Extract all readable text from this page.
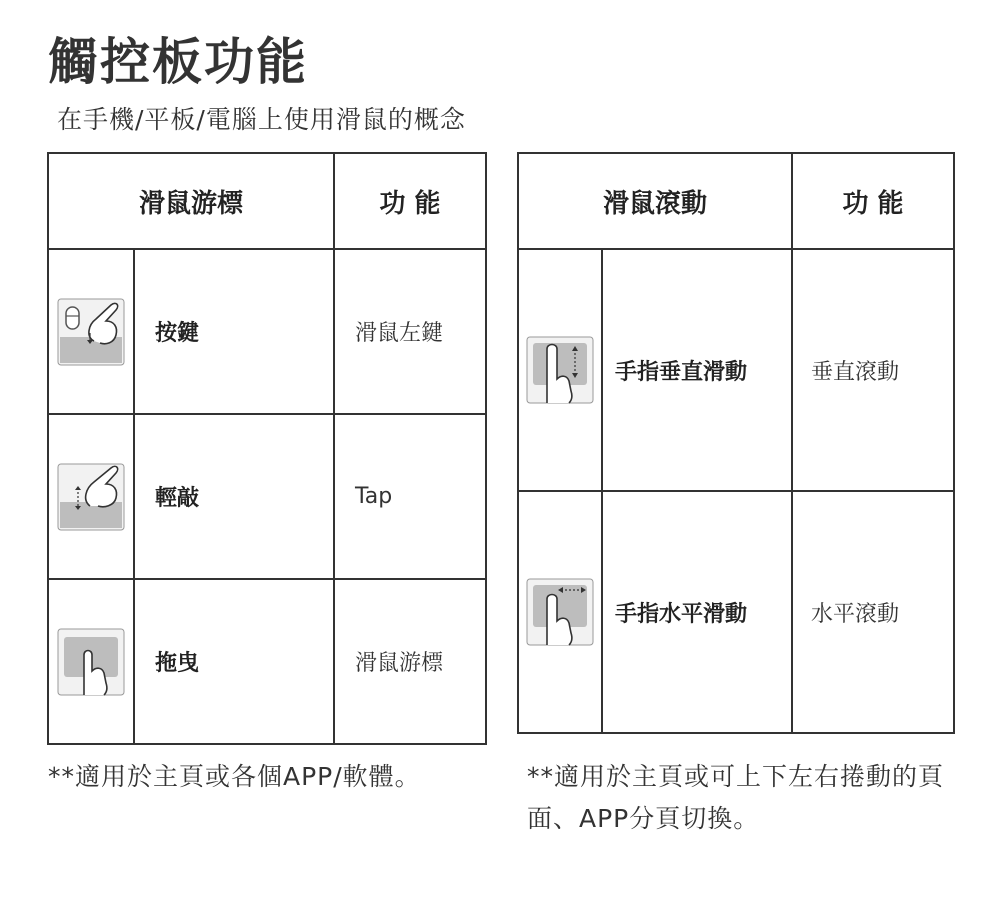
觸控板功能
在手機/平板/電腦上使用滑鼠的概念
滑鼠游標		功 能

	按鍵	滑鼠左鍵

	輕敲	Tap

	拖曳	滑鼠游標
滑鼠滾動		功 能

	手指垂直滑動	垂直滾動

	手指水平滑動	水平滾動
**適用於主頁或各個APP/軟體。	**適用於主頁或可上下左右捲動的頁面、APP分頁切換。
